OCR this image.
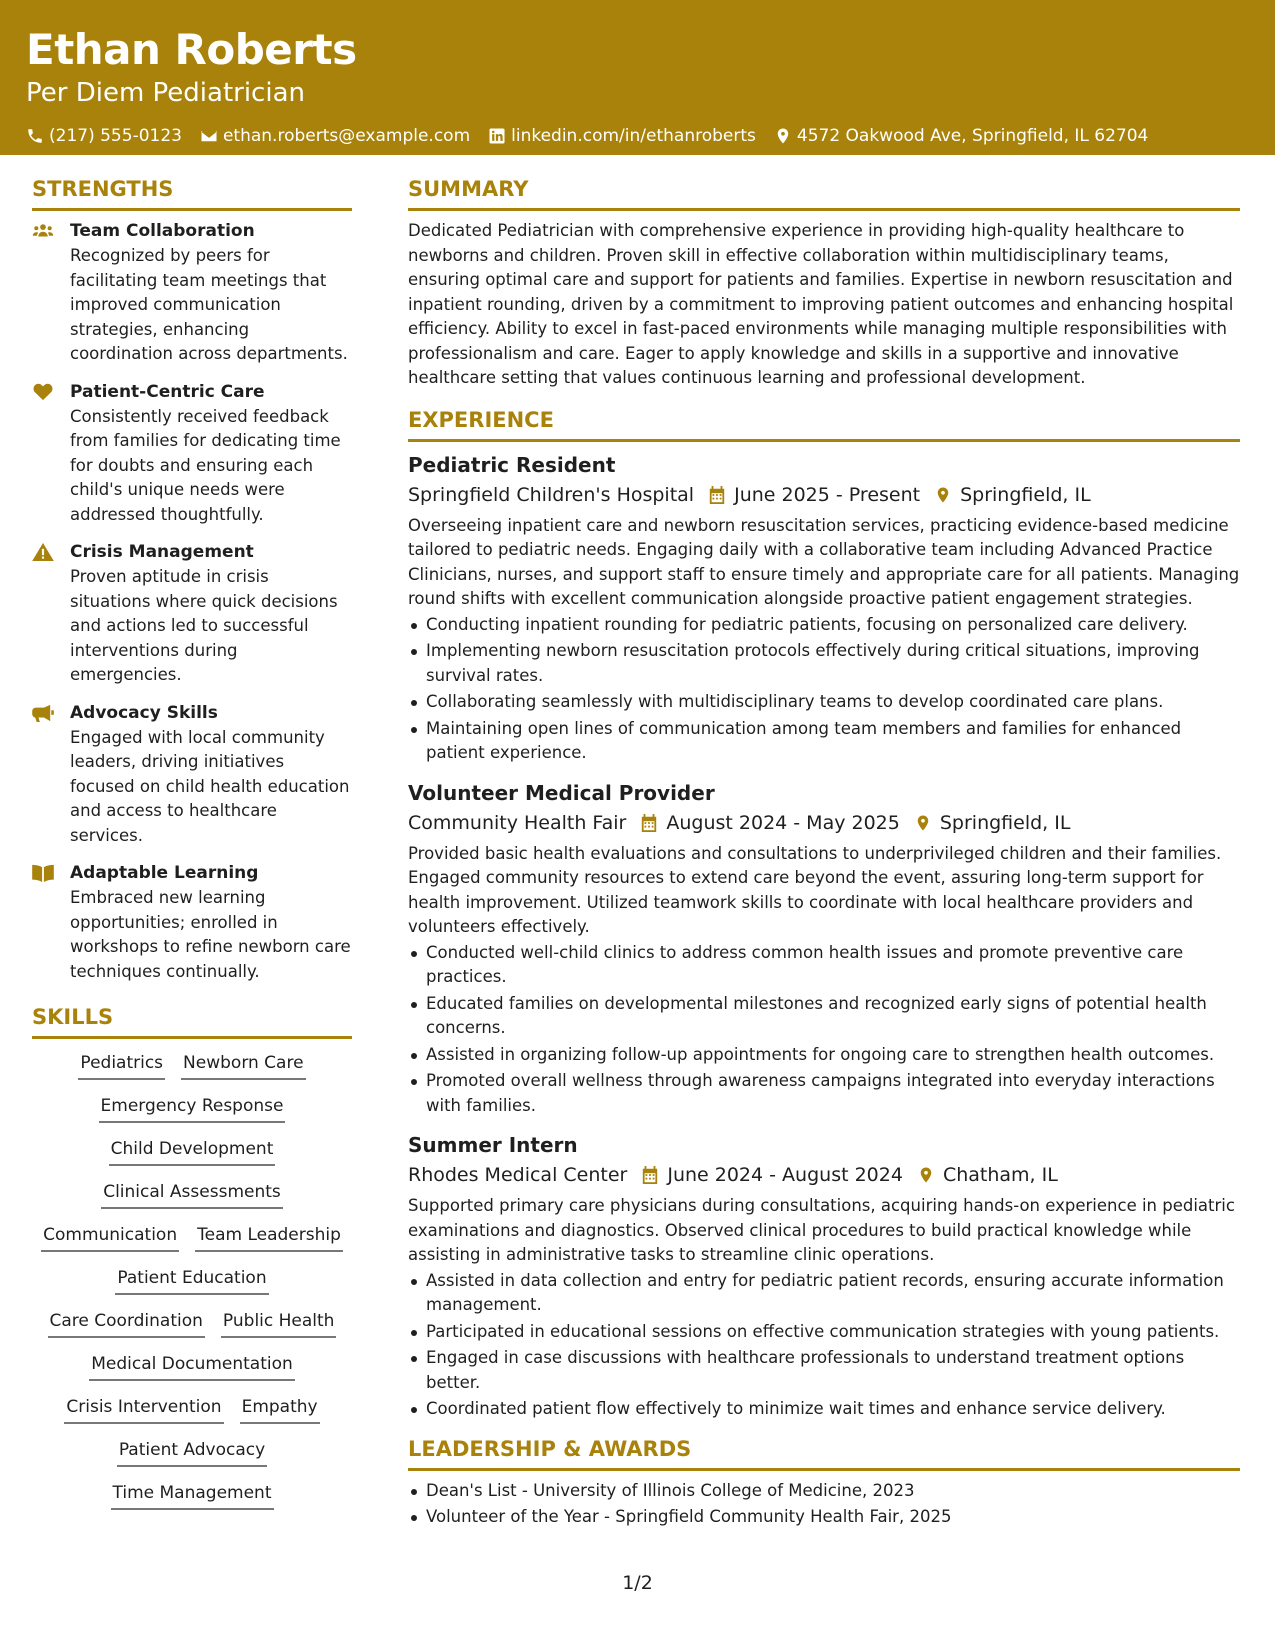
Ethan Roberts
Per Diem Pediatrician
(217) 555-0123 ethan.roberts@example.com linkedin.com/in/ethanroberts 4572 Oakwood Ave, Springfield, IL 62704
STRENGTHS
Team Collaboration
Recognized by peers for facilitating team meetings that improved communication strategies, enhancing coordination across departments.
Patient-Centric Care
Consistently received feedback from families for dedicating time for doubts and ensuring each child's unique needs were addressed thoughtfully.
Crisis Management
Proven aptitude in crisis situations where quick decisions and actions led to successful interventions during emergencies.
Advocacy Skills
Engaged with local community leaders, driving initiatives focused on child health education and access to healthcare services.
Adaptable Learning
Embraced new learning opportunities; enrolled in workshops to refine newborn care techniques continually.
SKILLS
Pediatrics Newborn Care
Emergency Response
Child Development
Clinical Assessments
Communication Team Leadership
Patient Education
Care Coordination Public Health
Medical Documentation
Crisis Intervention Empathy
Patient Advocacy
Time Management
SUMMARY
Dedicated Pediatrician with comprehensive experience in providing high-quality healthcare to newborns and children. Proven skill in effective collaboration within multidisciplinary teams, ensuring optimal care and support for patients and families. Expertise in newborn resuscitation and inpatient rounding, driven by a commitment to improving patient outcomes and enhancing hospital efficiency. Ability to excel in fast-paced environments while managing multiple responsibilities with professionalism and care. Eager to apply knowledge and skills in a supportive and innovative healthcare setting that values continuous learning and professional development.
EXPERIENCE
Pediatric Resident
Springfield Children's Hospital June 2025 - Present Springfield, IL
Overseeing inpatient care and newborn resuscitation services, practicing evidence-based medicine tailored to pediatric needs. Engaging daily with a collaborative team including Advanced Practice Clinicians, nurses, and support staff to ensure timely and appropriate care for all patients. Managing round shifts with excellent communication alongside proactive patient engagement strategies.
Conducting inpatient rounding for pediatric patients, focusing on personalized care delivery.
Implementing newborn resuscitation protocols effectively during critical situations, improving survival rates.
Collaborating seamlessly with multidisciplinary teams to develop coordinated care plans.
Maintaining open lines of communication among team members and families for enhanced patient experience.
Volunteer Medical Provider
Community Health Fair August 2024 - May 2025 Springfield, IL
Provided basic health evaluations and consultations to underprivileged children and their families. Engaged community resources to extend care beyond the event, assuring long-term support for health improvement. Utilized teamwork skills to coordinate with local healthcare providers and volunteers effectively.
Conducted well-child clinics to address common health issues and promote preventive care practices.
Educated families on developmental milestones and recognized early signs of potential health concerns.
Assisted in organizing follow-up appointments for ongoing care to strengthen health outcomes.
Promoted overall wellness through awareness campaigns integrated into everyday interactions with families.
Summer Intern
Rhodes Medical Center June 2024 - August 2024 Chatham, IL
Supported primary care physicians during consultations, acquiring hands-on experience in pediatric examinations and diagnostics. Observed clinical procedures to build practical knowledge while assisting in administrative tasks to streamline clinic operations.
Assisted in data collection and entry for pediatric patient records, ensuring accurate information management.
Participated in educational sessions on effective communication strategies with young patients.
Engaged in case discussions with healthcare professionals to understand treatment options better.
Coordinated patient flow effectively to minimize wait times and enhance service delivery.
LEADERSHIP & AWARDS
Dean's List - University of Illinois College of Medicine, 2023
Volunteer of the Year - Springfield Community Health Fair, 2025
1/2
